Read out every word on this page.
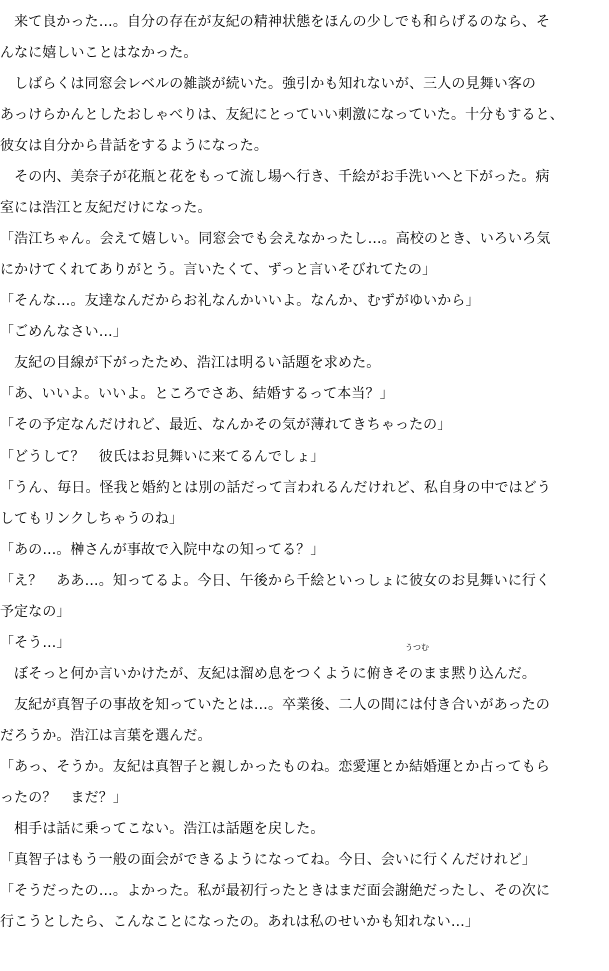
　来て良かった…。自分の存在が友紀の精神状態をほんの少しでも和らげるのなら、そ
んなに嬉しいことはなかった。
　しばらくは同窓会レベルの雑談が続いた。強引かも知れないが、三人の見舞い客の
あっけらかんとしたおしゃべりは、友紀にとっていい刺激になっていた。十分もすると、
彼女は自分から昔話をするようになった。
　その内、美奈子が花瓶と花をもって流し場へ行き、千絵がお手洗いへと下がった。病
室には浩江と友紀だけになった。
「浩江ちゃん。会えて嬉しい。同窓会でも会えなかったし…。高校のとき、いろいろ気
にかけてくれてありがとう。言いたくて、ずっと言いそびれてたの」
「そんな…。友達なんだからお礼なんかいいよ。なんか、むずがゆいから」
「ごめんなさい…」
　友紀の目線が下がったため、浩江は明るい話題を求めた。
「あ、いいよ。いいよ。ところでさあ、結婚するって本当？」
「その予定なんだけれど、最近、なんかその気が薄れてきちゃったの」
「どうして？　彼氏はお見舞いに来てるんでしょ」
「うん、毎日。怪我と婚約とは別の話だって言われるんだけれど、私自身の中ではどう
してもリンクしちゃうのね」
「あの…。榊さんが事故で入院中なの知ってる？」
「え？　ああ…。知ってるよ。今日、午後から千絵といっしょに彼女のお見舞いに行く
予定なの」
「そう…」	うつむ
　ぼそっと何か言いかけたが、友紀は溜め息をつくように俯きそのまま黙り込んだ。
　友紀が真智子の事故を知っていたとは…。卒業後、二人の間には付き合いがあったの
だろうか。浩江は言葉を選んだ。
「あっ、そうか。友紀は真智子と親しかったものね。恋愛運とか結婚運とか占ってもら
ったの？　まだ？」
　相手は話に乗ってこない。浩江は話題を戻した。
「真智子はもう一般の面会ができるようになってね。今日、会いに行くんだけれど」
「そうだったの…。よかった。私が最初行ったときはまだ面会謝絶だったし、その次に
行こうとしたら、こんなことになったの。あれは私のせいかも知れない…」
